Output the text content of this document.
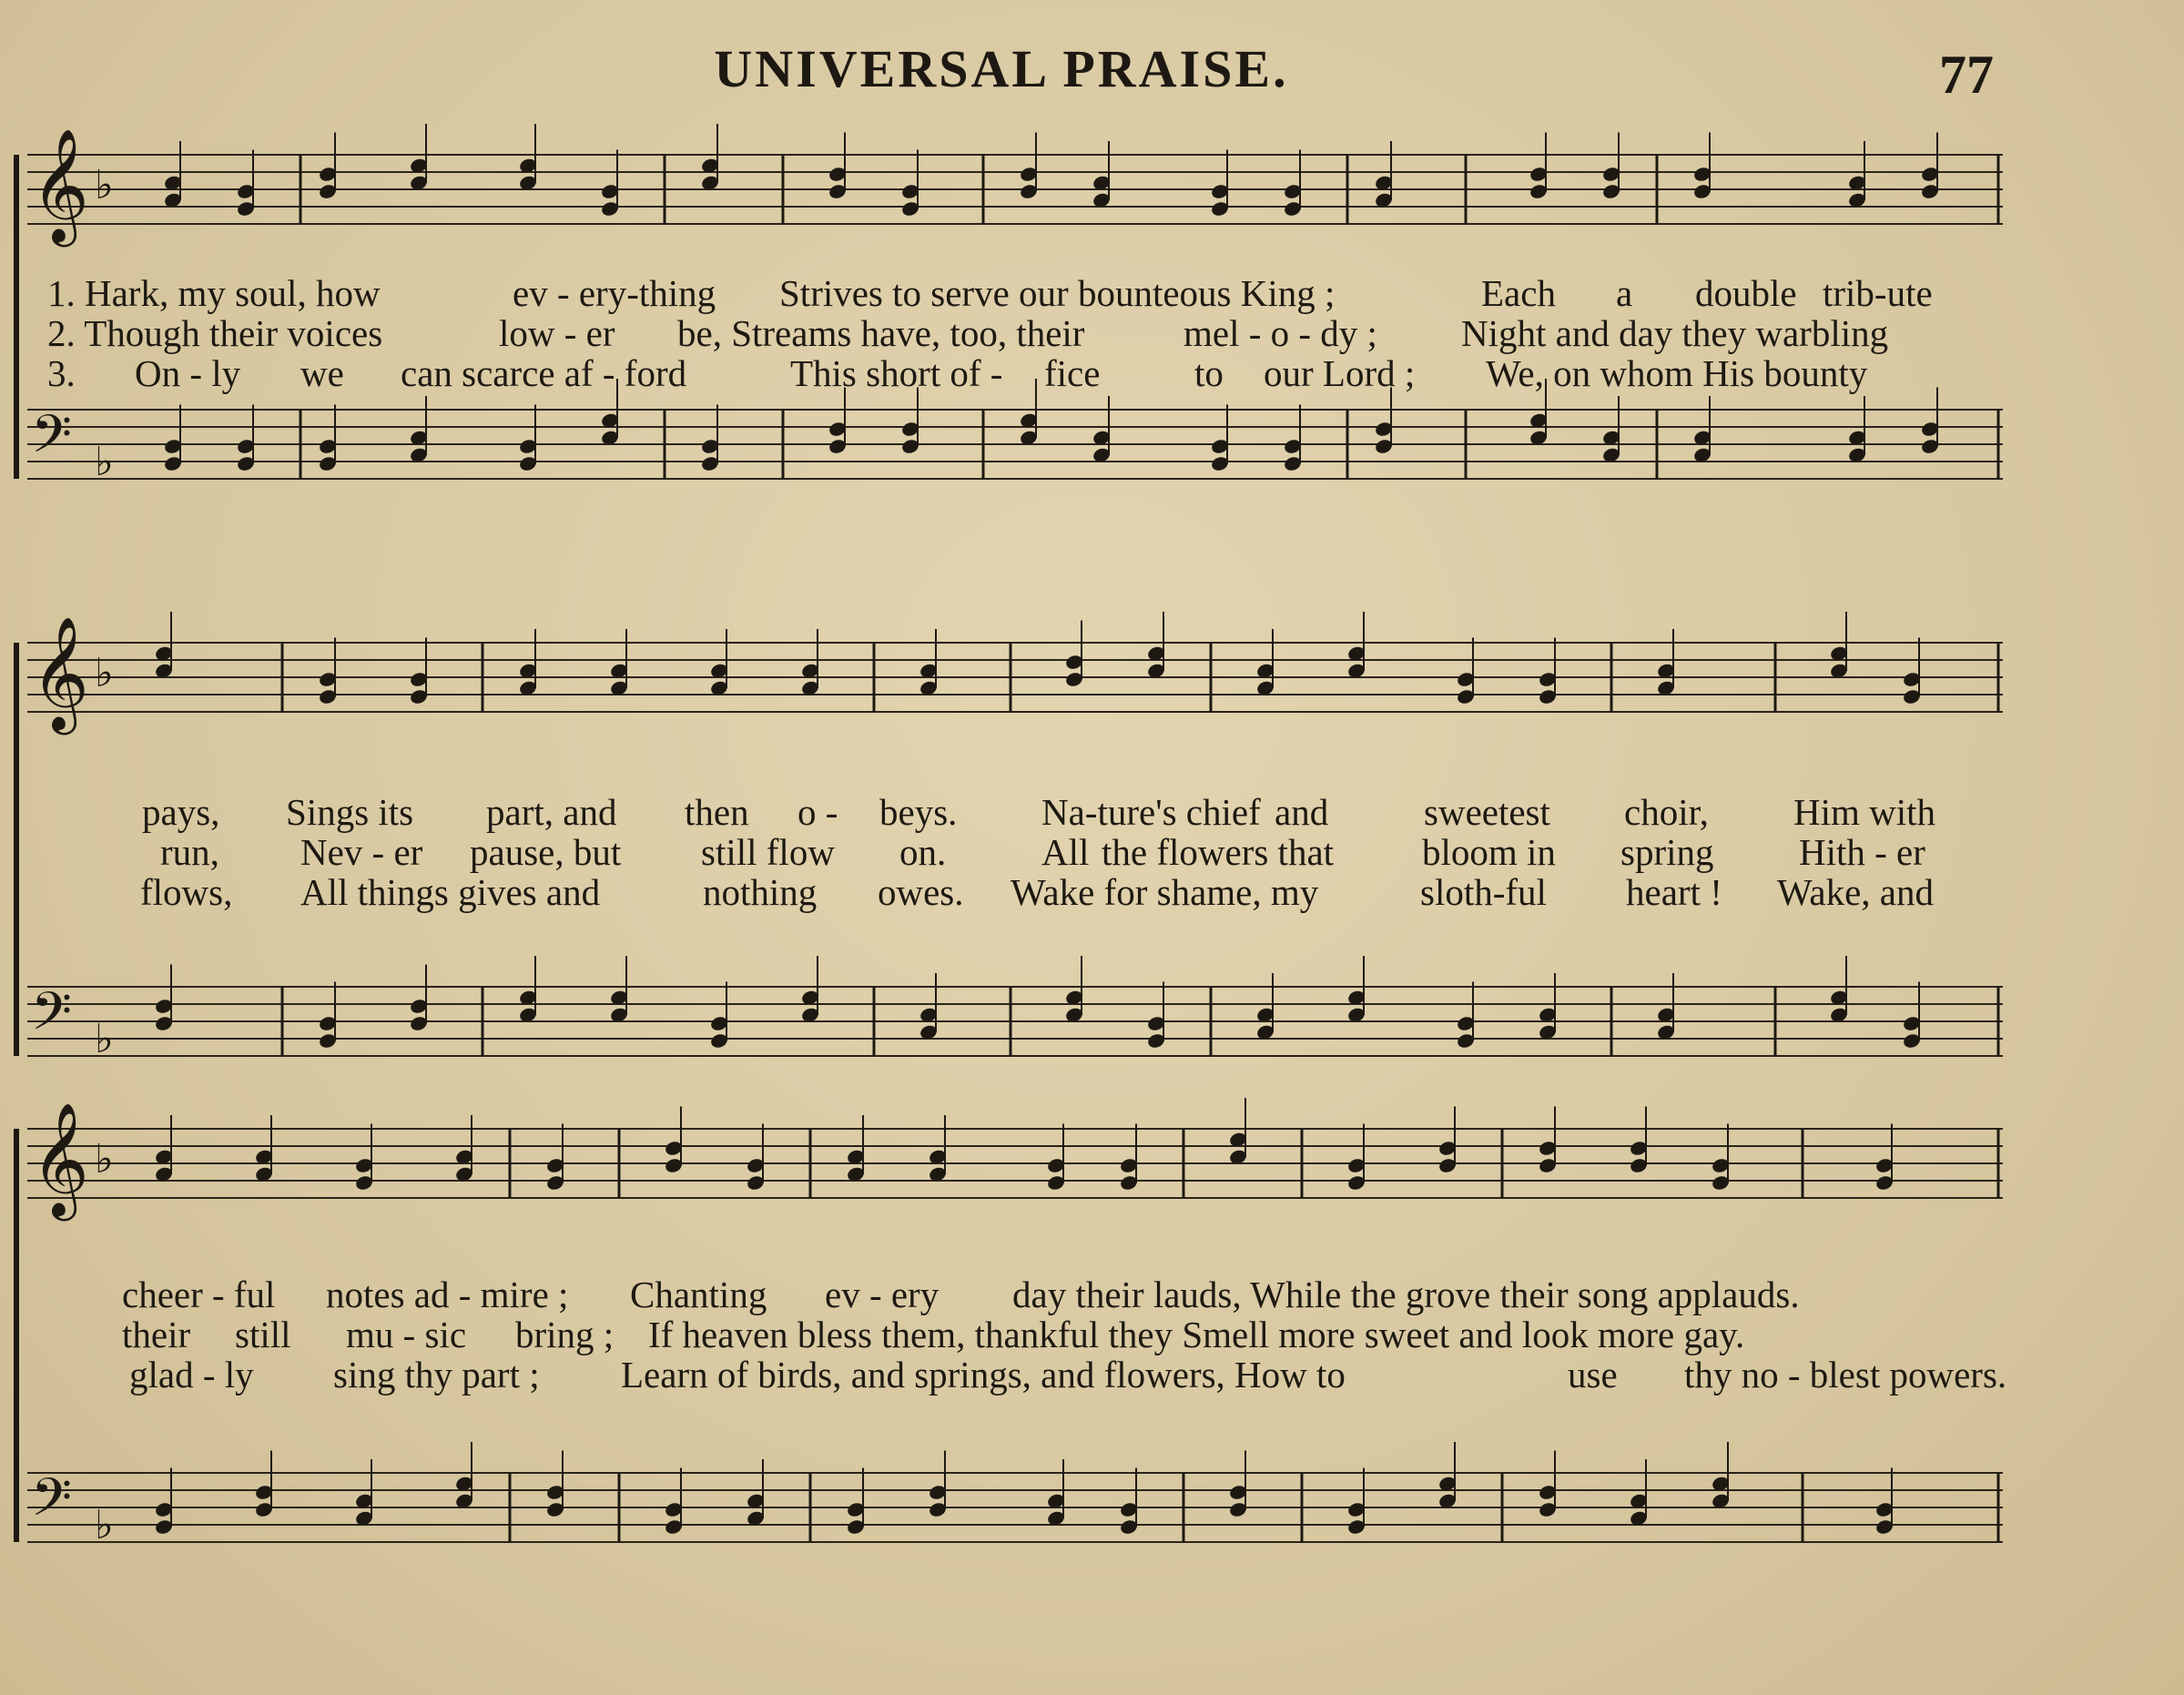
UNIVERSAL PRAISE.	77
𝄞 ♭
𝄢 ♭
1. Hark, my soul, how	ev - ery-thing Strives to serve our bounteous King ;	Each a double trib-ute
2. Though their voices	low - er be, Streams have, too, their	mel - o - dy ; Night and day they warbling
3. On - ly we can scarce af - ford	This short of - fice	to our Lord ; We, on whom His bounty
𝄞 ♭
𝄢 ♭
pays, Sings its part, and then o - beys. Na-ture's chief and	sweetest choir, Him with
run, Nev - er pause, but still flow on.	All the flowers that bloom in spring Hith - er
flows, All things gives and	nothing owes. Wake for shame, my	sloth-ful heart ! Wake, and
𝄞 ♭
𝄢 ♭
cheer - ful notes ad - mire ; Chanting ev - ery day their lauds, While the grove their song applauds.
their still mu - sic bring ; If heaven bless them, thankful they Smell more sweet and look more gay.
glad - ly sing thy part ; Learn of birds, and springs, and flowers, How to	use thy no - blest powers.
